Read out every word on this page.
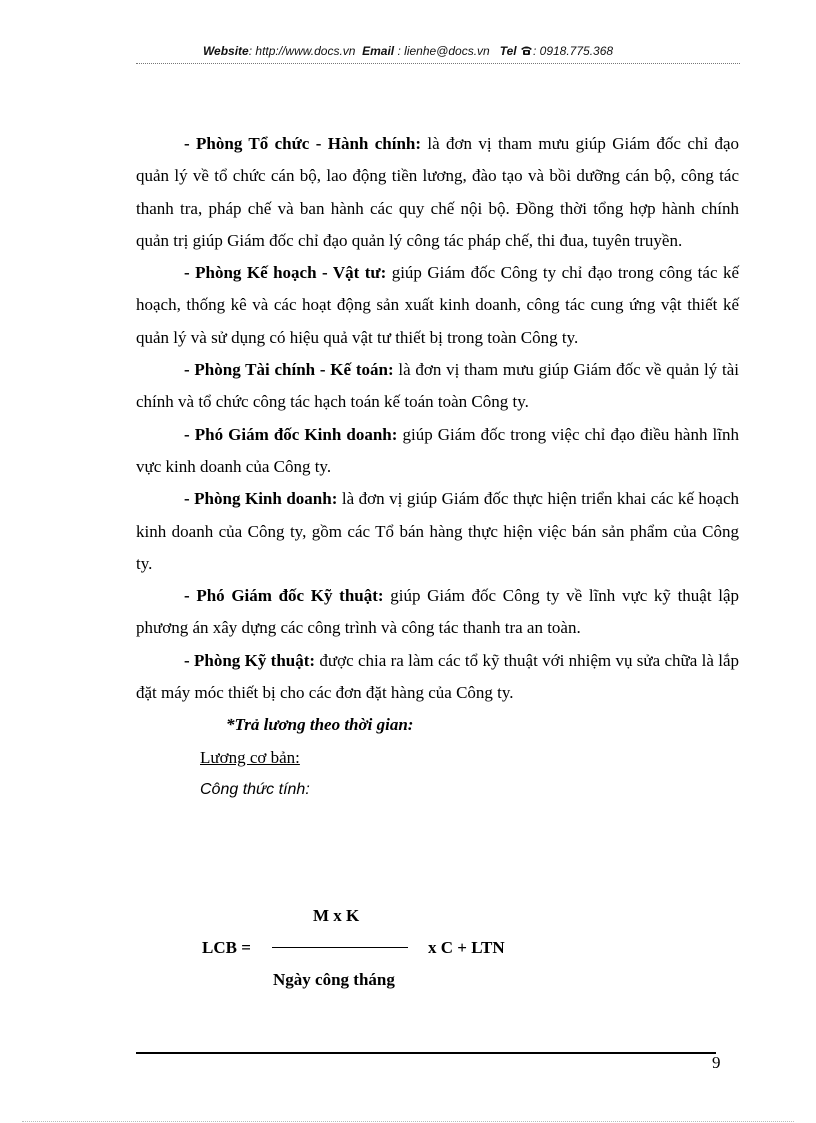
Website: http://www.docs.vn Email : lienhe@docs.vn Tel : 0918.775.368

- Phòng Tổ chức - Hành chính: là đơn vị tham mưu giúp Giám đốc chỉ đạo quản lý về tổ chức cán bộ, lao động tiền lương, đào tạo và bồi dưỡng cán bộ, công tác thanh tra, pháp chế và ban hành các quy chế nội bộ. Đồng thời tổng hợp hành chính quản trị giúp Giám đốc chỉ đạo quản lý công tác pháp chế, thi đua, tuyên truyền.

- Phòng Kế hoạch - Vật tư: giúp Giám đốc Công ty chỉ đạo trong công tác kế hoạch, thống kê và các hoạt động sản xuất kinh doanh, công tác cung ứng vật thiết kế quản lý và sử dụng có hiệu quả vật tư thiết bị trong toàn Công ty.

- Phòng Tài chính - Kế toán: là đơn vị tham mưu giúp Giám đốc về quản lý tài chính và tổ chức công tác hạch toán kế toán toàn Công ty.

- Phó Giám đốc Kinh doanh: giúp Giám đốc trong việc chỉ đạo điều hành lĩnh vực kinh doanh của Công ty.

- Phòng Kinh doanh: là đơn vị giúp Giám đốc thực hiện triển khai các kế hoạch kinh doanh của Công ty, gồm các Tổ bán hàng thực hiện việc bán sản phẩm của Công ty.

- Phó Giám đốc Kỹ thuật: giúp Giám đốc Công ty về lĩnh vực kỹ thuật lập phương án xây dựng các công trình và công tác thanh tra an toàn.

- Phòng Kỹ thuật: được chia ra làm các tổ kỹ thuật với nhiệm vụ sửa chữa là lắp đặt máy móc thiết bị cho các đơn đặt hàng của Công ty.

*Trả lương theo thời gian:

Lương cơ bản:

Công thức tính:

M x K
LCB =	x C + LTN
Ngày công tháng
9
